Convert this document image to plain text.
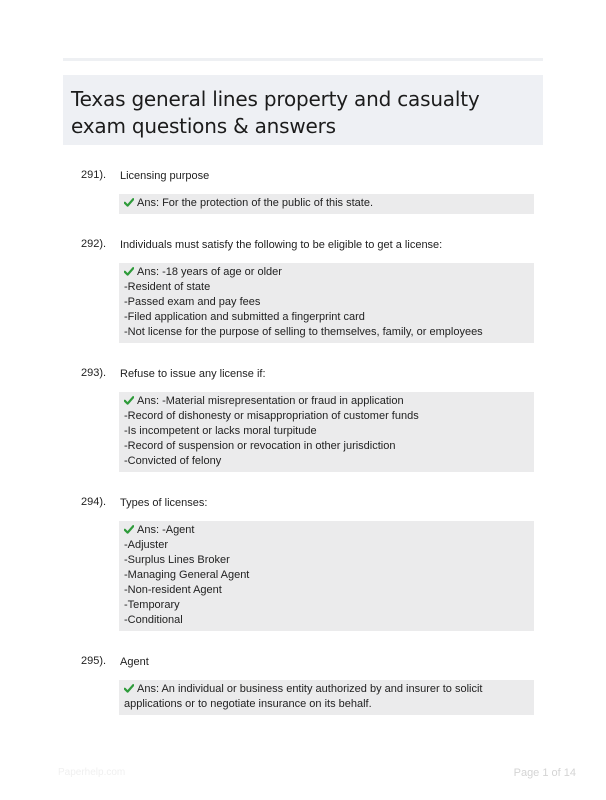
Texas general lines property and casualty exam questions & answers
291). Licensing purpose
Ans: For the protection of the public of this state.
292). Individuals must satisfy the following to be eligible to get a license:
Ans: -18 years of age or older
-Resident of state
-Passed exam and pay fees
-Filed application and submitted a fingerprint card
-Not license for the purpose of selling to themselves, family, or employees
293). Refuse to issue any license if:
Ans: -Material misrepresentation or fraud in application
-Record of dishonesty or misappropriation of customer funds
-Is incompetent or lacks moral turpitude
-Record of suspension or revocation in other jurisdiction
-Convicted of felony
294). Types of licenses:
Ans: -Agent
-Adjuster
-Surplus Lines Broker
-Managing General Agent
-Non-resident Agent
-Temporary
-Conditional
295). Agent
Ans: An individual or business entity authorized by and insurer to solicit applications or to negotiate insurance on its behalf.
Paperhelp.com	Page 1 of 14
